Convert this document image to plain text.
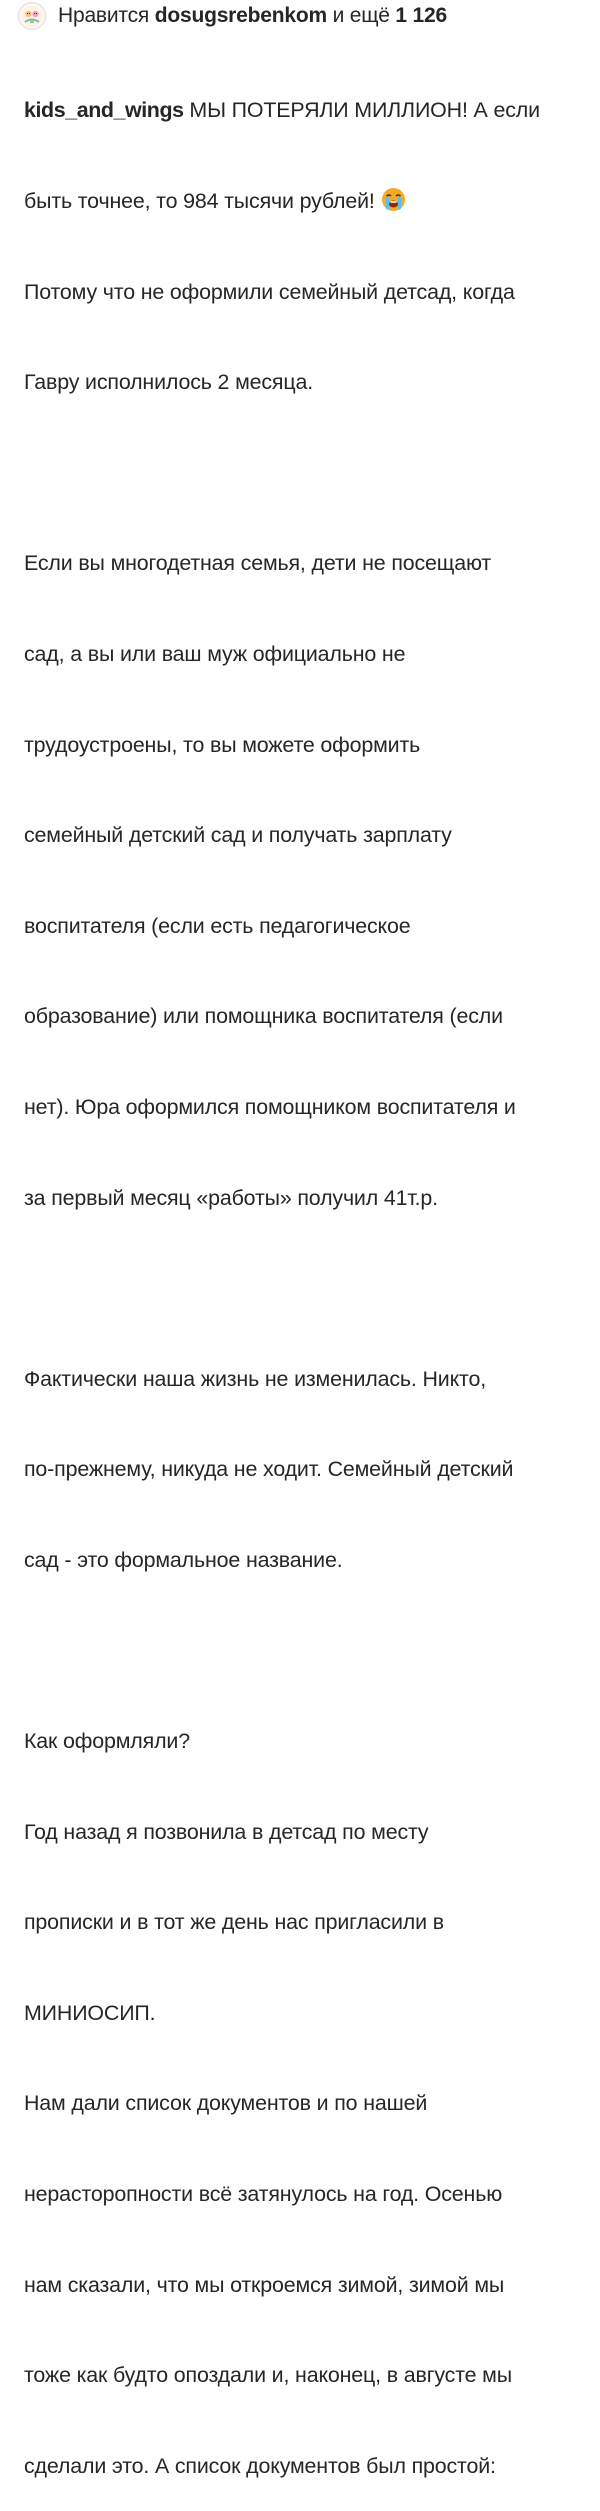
Нравится dosugsrebenkom и ещё 1 126

kids_and_wings МЫ ПОТЕРЯЛИ МИЛЛИОН! А если

быть точнее, то 984 тысячи рублей!

Потому что не оформили семейный детсад, когда

Гавру исполнилось 2 месяца.

Если вы многодетная семья, дети не посещают

сад, а вы или ваш муж официально не

трудоустроены, то вы можете оформить

семейный детский сад и получать зарплату

воспитателя (если есть педагогическое

образование) или помощника воспитателя (если

нет). Юра оформился помощником воспитателя и

за первый месяц «работы» получил 41т.р.

Фактически наша жизнь не изменилась. Никто,

по-прежнему, никуда не ходит. Семейный детский

сад - это формальное название.

Как оформляли?

Год назад я позвонила в детсад по месту

прописки и в тот же день нас пригласили в

МИНИОСИП.

Нам дали список документов и по нашей

нерасторопности всё затянулось на год. Осенью

нам сказали, что мы откроемся зимой, зимой мы

тоже как будто опоздали и, наконец, в августе мы

сделали это. А список документов был простой:
